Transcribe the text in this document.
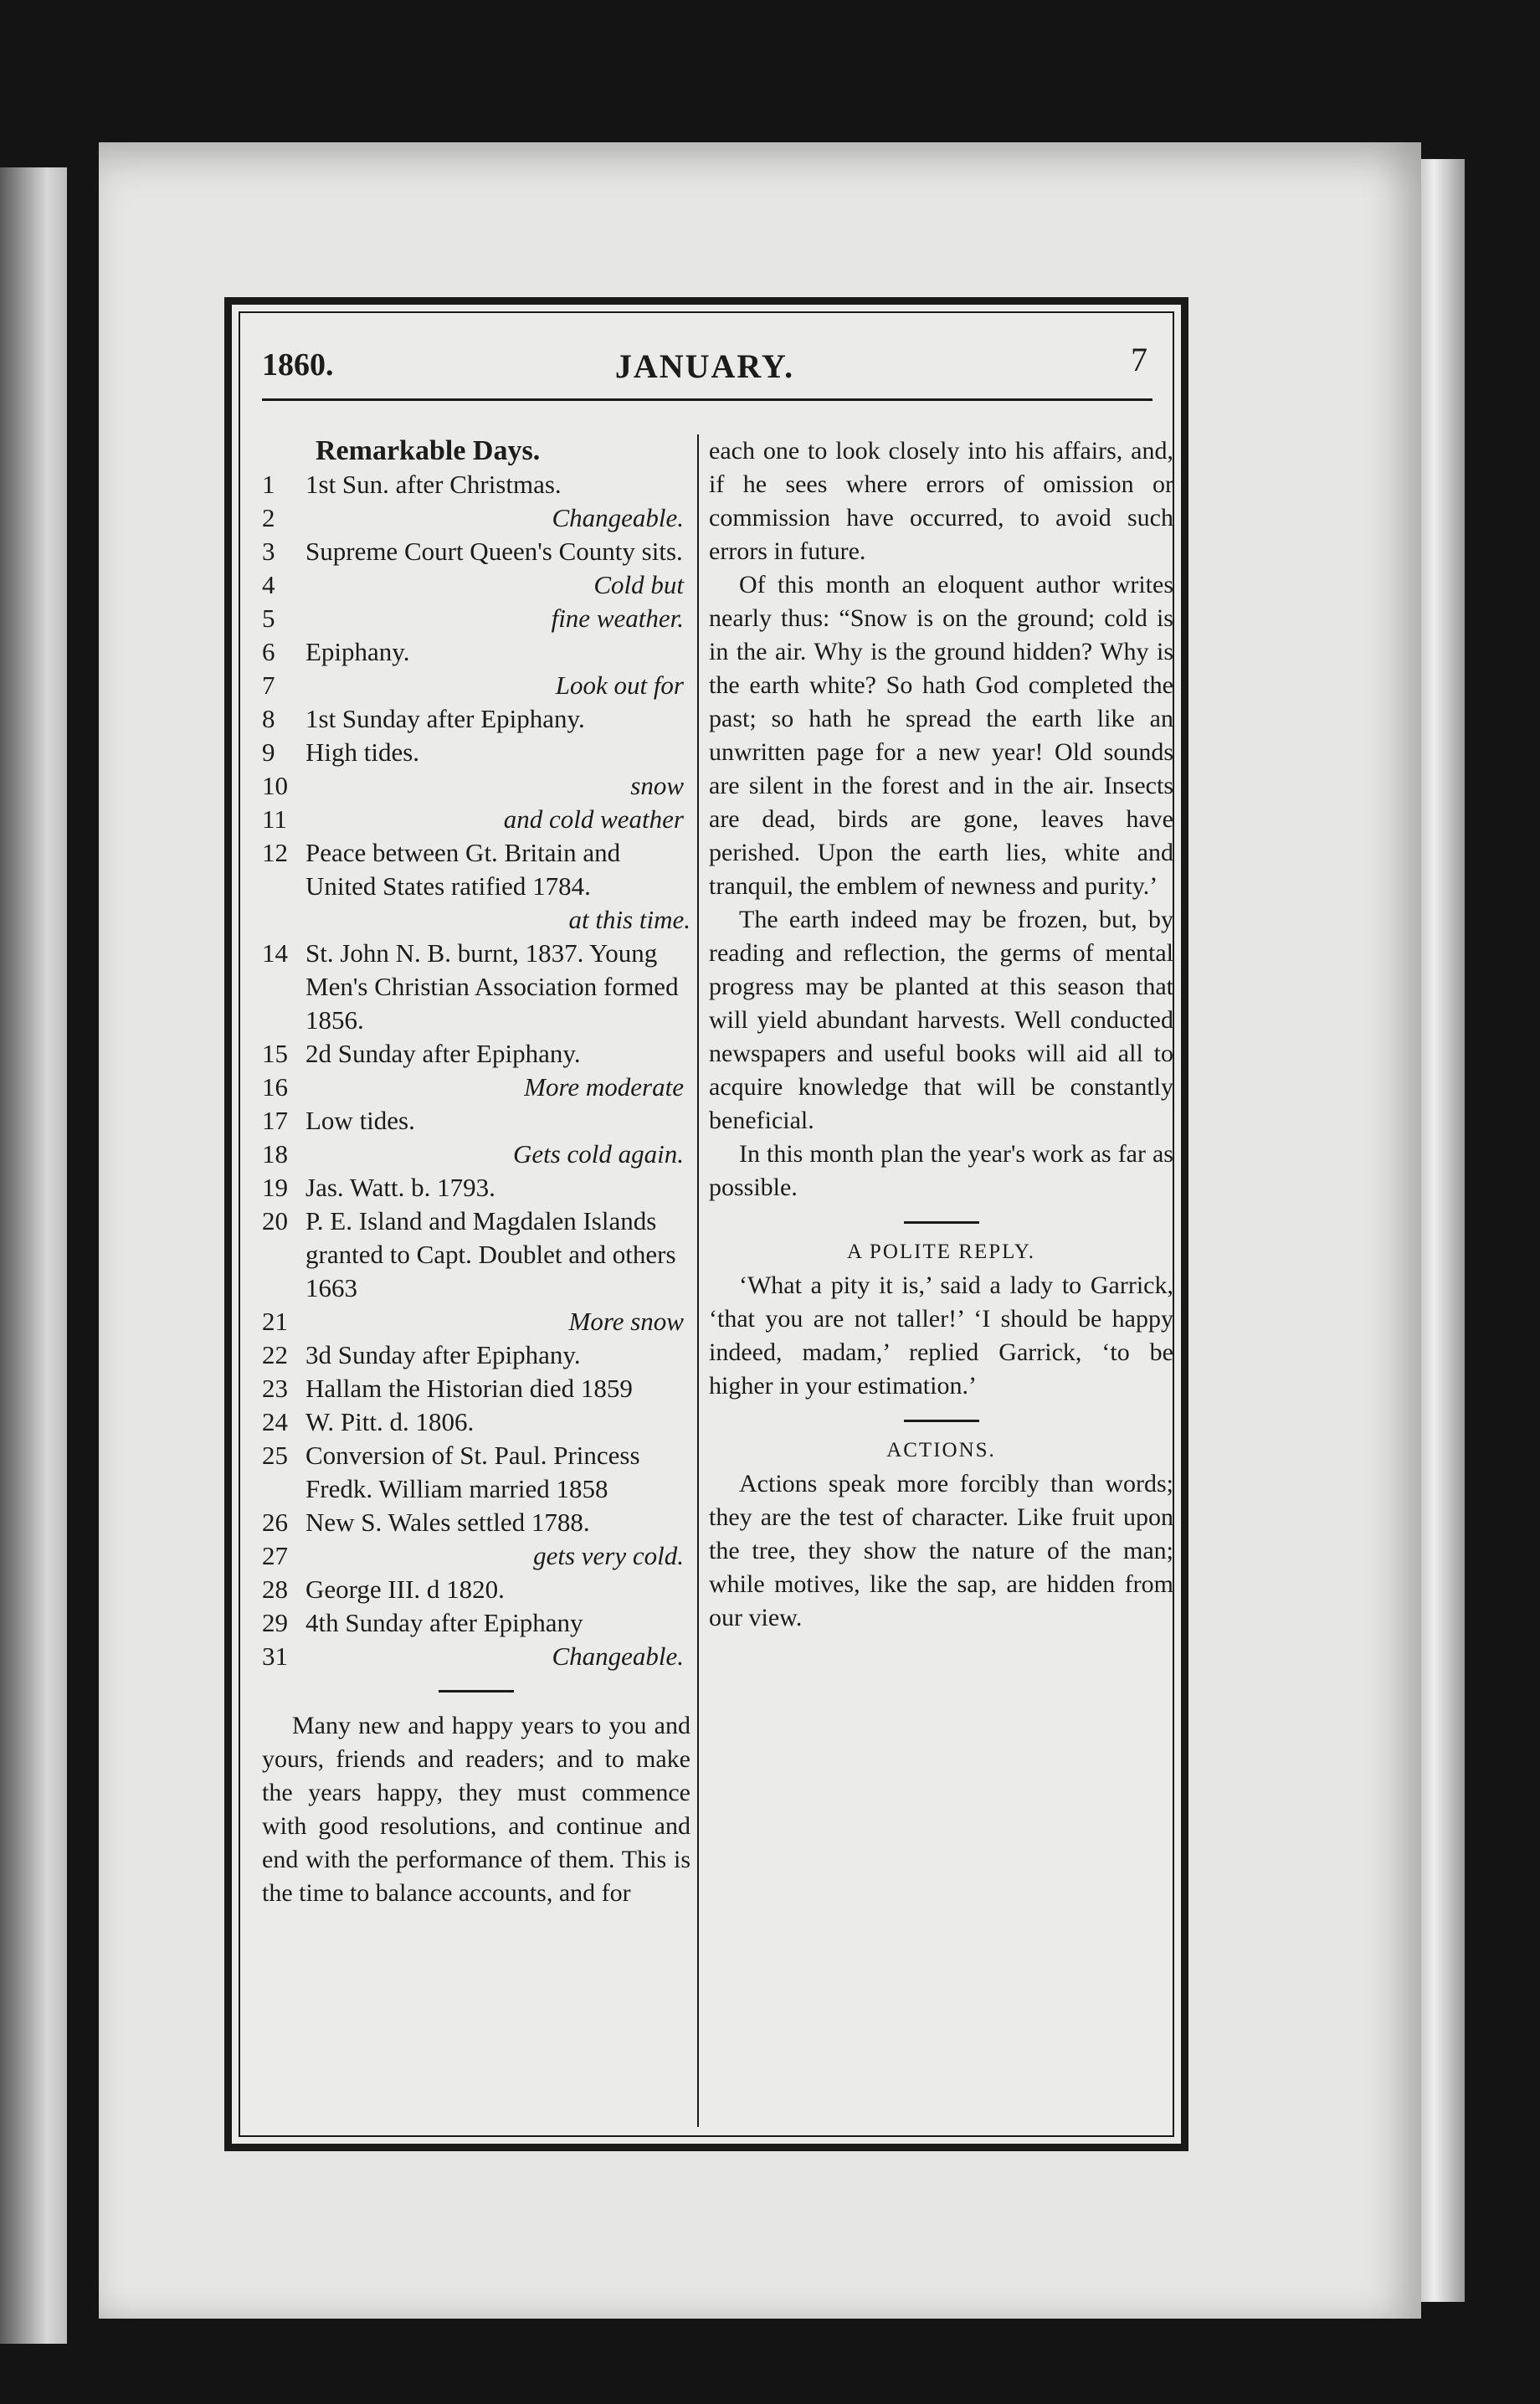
1860.	JANUARY.	7
Remarkable Days.
1 1st Sun. after Christmas.
2	Changeable.
3 Supreme Court Queen's County sits.
4	Cold but
5	fine weather.
6 Epiphany.
7	Look out for
8 1st Sunday after Epiphany.
9 High tides.
10	snow
11	and cold weather
12 Peace between Gt. Britain and United States ratified 1784.
at this time.
14 St. John N. B. burnt, 1837. Young Men's Christian Association formed 1856.
15 2d Sunday after Epiphany.
16	More moderate
17 Low tides.
18	Gets cold again.
19 Jas. Watt. b. 1793.
20 P. E. Island and Magdalen Islands granted to Capt. Doublet and others 1663
21	More snow
22 3d Sunday after Epiphany.
23 Hallam the Historian died 1859
24 W. Pitt. d. 1806.
25 Conversion of St. Paul. Princess Fredk. William married 1858
26 New S. Wales settled 1788.
27	gets very cold.
28 George III. d 1820.
29 4th Sunday after Epiphany
31	Changeable.

Many new and happy years to you and yours, friends and readers; and to make the years happy, they must commence with good resolutions, and continue and end with the performance of them. This is the time to balance accounts, and for

each one to look closely into his affairs, and, if he sees where errors of omission or commission have occurred, to avoid such errors in future.

Of this month an eloquent author writes nearly thus: “Snow is on the ground; cold is in the air. Why is the ground hidden? Why is the earth white? So hath God completed the past; so hath he spread the earth like an unwritten page for a new year! Old sounds are silent in the forest and in the air. Insects are dead, birds are gone, leaves have perished. Upon the earth lies, white and tranquil, the emblem of newness and purity.’

The earth indeed may be frozen, but, by reading and reflection, the germs of mental progress may be planted at this season that will yield abundant harvests. Well conducted newspapers and useful books will aid all to acquire knowledge that will be constantly beneficial.

In this month plan the year's work as far as possible.

A POLITE REPLY.

‘What a pity it is,’ said a lady to Garrick, ‘that you are not taller!’ ‘I should be happy indeed, madam,’ replied Garrick, ‘to be higher in your estimation.’

ACTIONS.

Actions speak more forcibly than words; they are the test of character. Like fruit upon the tree, they show the nature of the man; while motives, like the sap, are hidden from our view.
